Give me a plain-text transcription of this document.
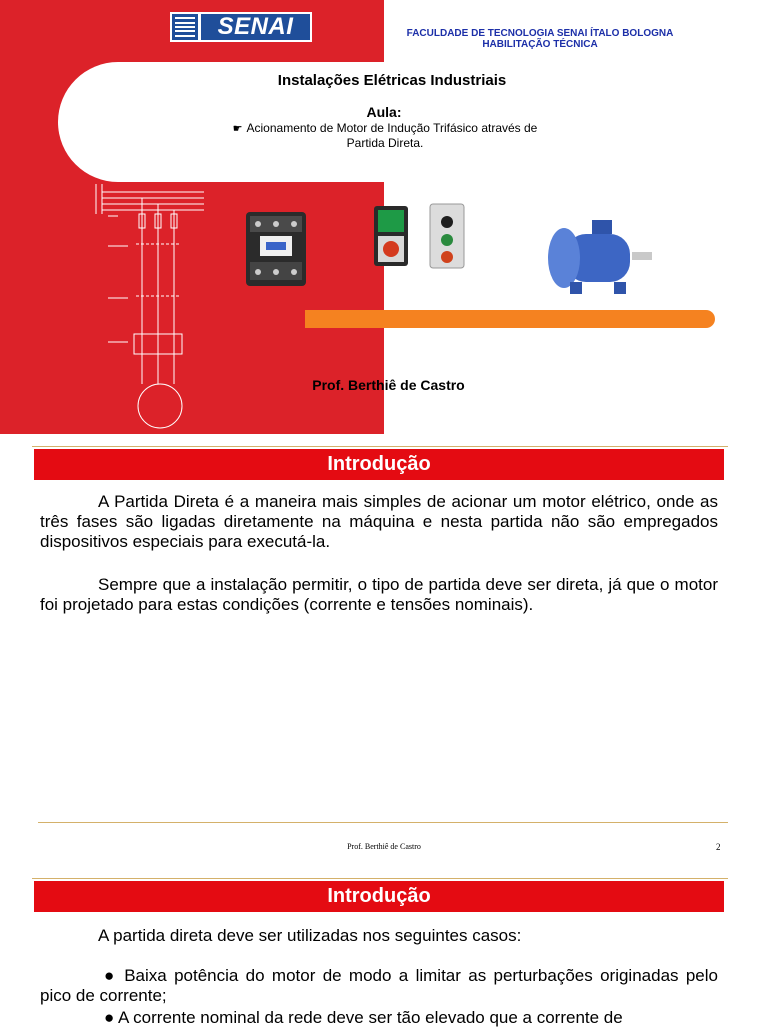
SENAI	FACULDADE DE TECNOLOGIA SENAI ÍTALO BOLOGNA
HABILITAÇÃO TÉCNICA
Instalações Elétricas Industriais
Aula:
☛ Acionamento de Motor de Indução Trifásico através de
Partida Direta.
Prof. Berthiê de Castro
Introdução
A Partida Direta é a maneira mais simples de acionar um motor elétrico, onde as três fases são ligadas diretamente na máquina e nesta partida não são empregados dispositivos especiais para executá-la.
Sempre que a instalação permitir, o tipo de partida deve ser direta, já que o motor foi projetado para estas condições (corrente e tensões nominais).
Prof. Berthiê de Castro	2
Introdução
A partida direta deve ser utilizadas nos seguintes casos:
● Baixa potência do motor de modo a limitar as perturbações originadas pelo pico de corrente;
● A corrente nominal da rede deve ser tão elevado que a corrente de
